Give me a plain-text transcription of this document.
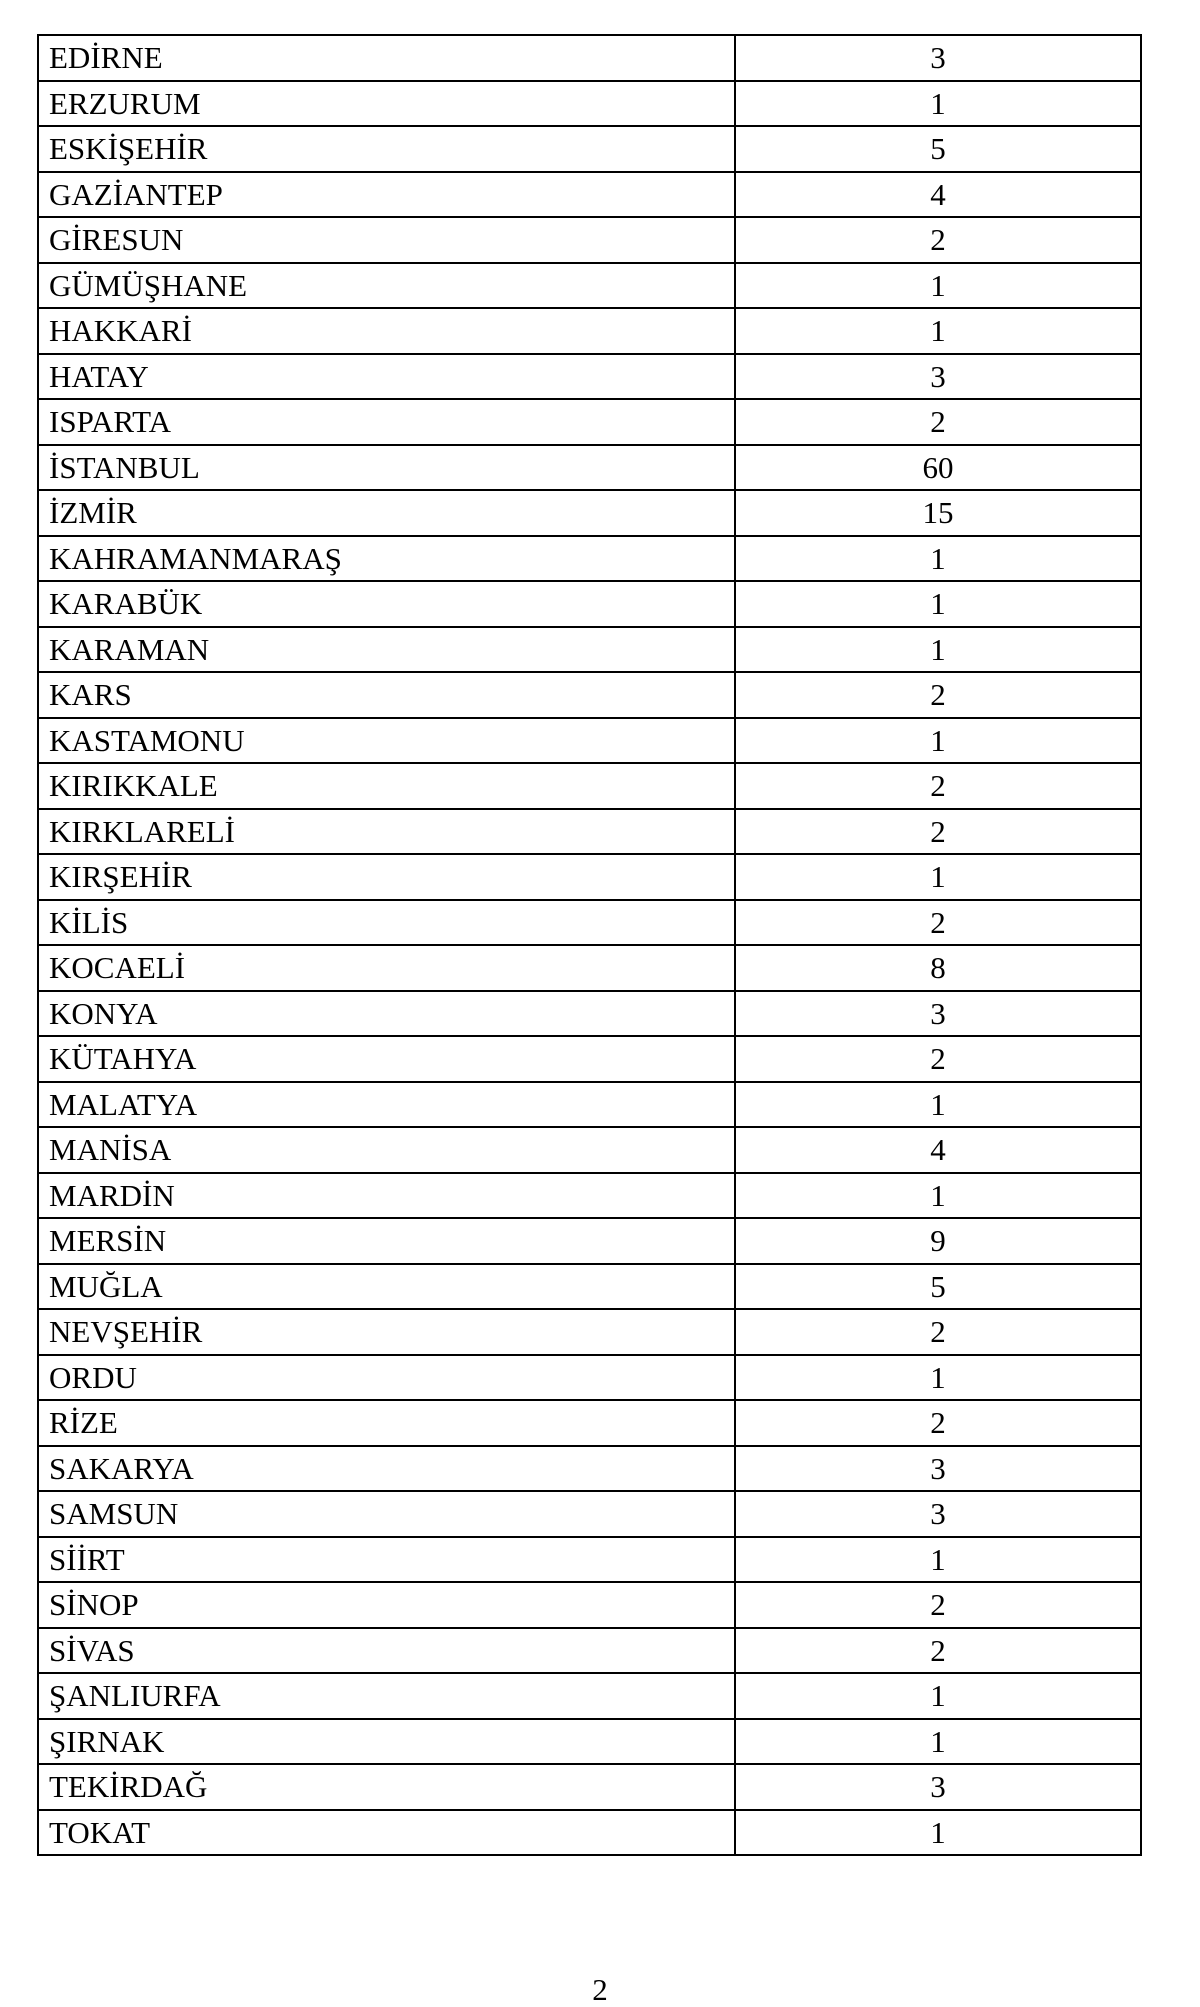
EDİRNE	3
ERZURUM	1
ESKİŞEHİR	5
GAZİANTEP	4
GİRESUN	2
GÜMÜŞHANE	1
HAKKARİ	1
HATAY	3
ISPARTA	2
İSTANBUL	60
İZMİR	15
KAHRAMANMARAŞ	1
KARABÜK	1
KARAMAN	1
KARS	2
KASTAMONU	1
KIRIKKALE	2
KIRKLARELİ	2
KIRŞEHİR	1
KİLİS	2
KOCAELİ	8
KONYA	3
KÜTAHYA	2
MALATYA	1
MANİSA	4
MARDİN	1
MERSİN	9
MUĞLA	5
NEVŞEHİR	2
ORDU	1
RİZE	2
SAKARYA	3
SAMSUN	3
SİİRT	1
SİNOP	2
SİVAS	2
ŞANLIURFA	1
ŞIRNAK	1
TEKİRDAĞ	3
TOKAT	1
2
